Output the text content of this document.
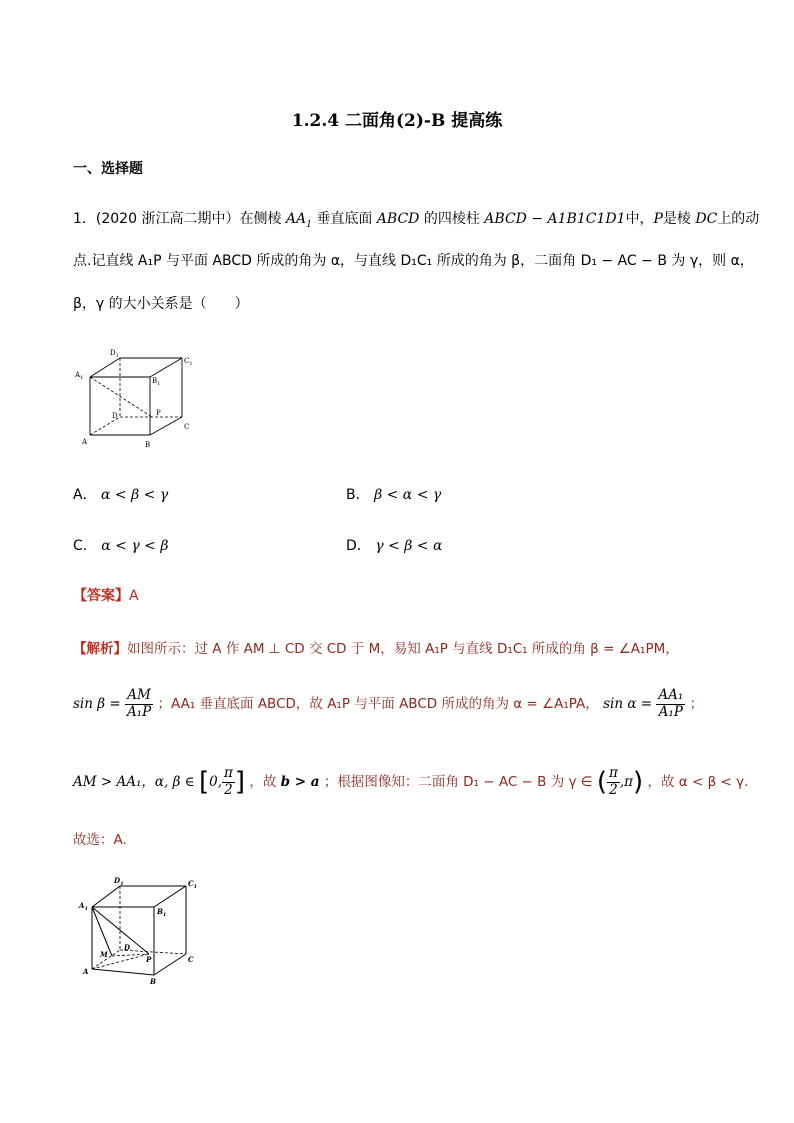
1.2.4 二面角(2)-B 提高练
一、选择题
1．(2020 浙江高二期中）在侧棱 $AA_1$ 垂直底面 ABCD 的四棱柱 ABCD − A1B1C1D1中，P是棱 DC上的动
点.记直线 A₁P 与平面 ABCD 所成的角为 α，与直线 D₁C₁ 所成的角为 β，二面角 D₁ − AC − B 为 γ，则 α，
β，γ 的大小关系是（　　）
$D_1$
$C_1$
$A_1$	$B_1$
D	P
C
A	B
A． α < β < γ	B． β < α < γ
C． α < γ < β	D． γ < β < α
【答案】A
【解析】如图所示：过 A 作 AM ⊥ CD 交 CD 于 M，易知 A₁P 与直线 D₁C₁ 所成的角 β = ∠A₁PM，
$\sin \beta = \frac{AM}{\text{A₁P}}$ ；AA₁ 垂直底面 ABCD，故 A₁P 与平面 ABCD 所成的角为 α = ∠A₁PA， $\sin \alpha = \frac{\text{AA₁}}{\text{A₁P}}$ ；
AM > AA₁，α, β ∈ [0, $\frac{\pi}{2}$ ] ，故 b > a ；根据图像知：二面角 D₁ − AC − B 为 γ ∈ ( $\frac{\pi}{2} ,\pi$) ，故 α < β < γ.
故选：A.
$D_1$	$C_1$
$A_1$	$B_1$
D
M
P	C
A
B
